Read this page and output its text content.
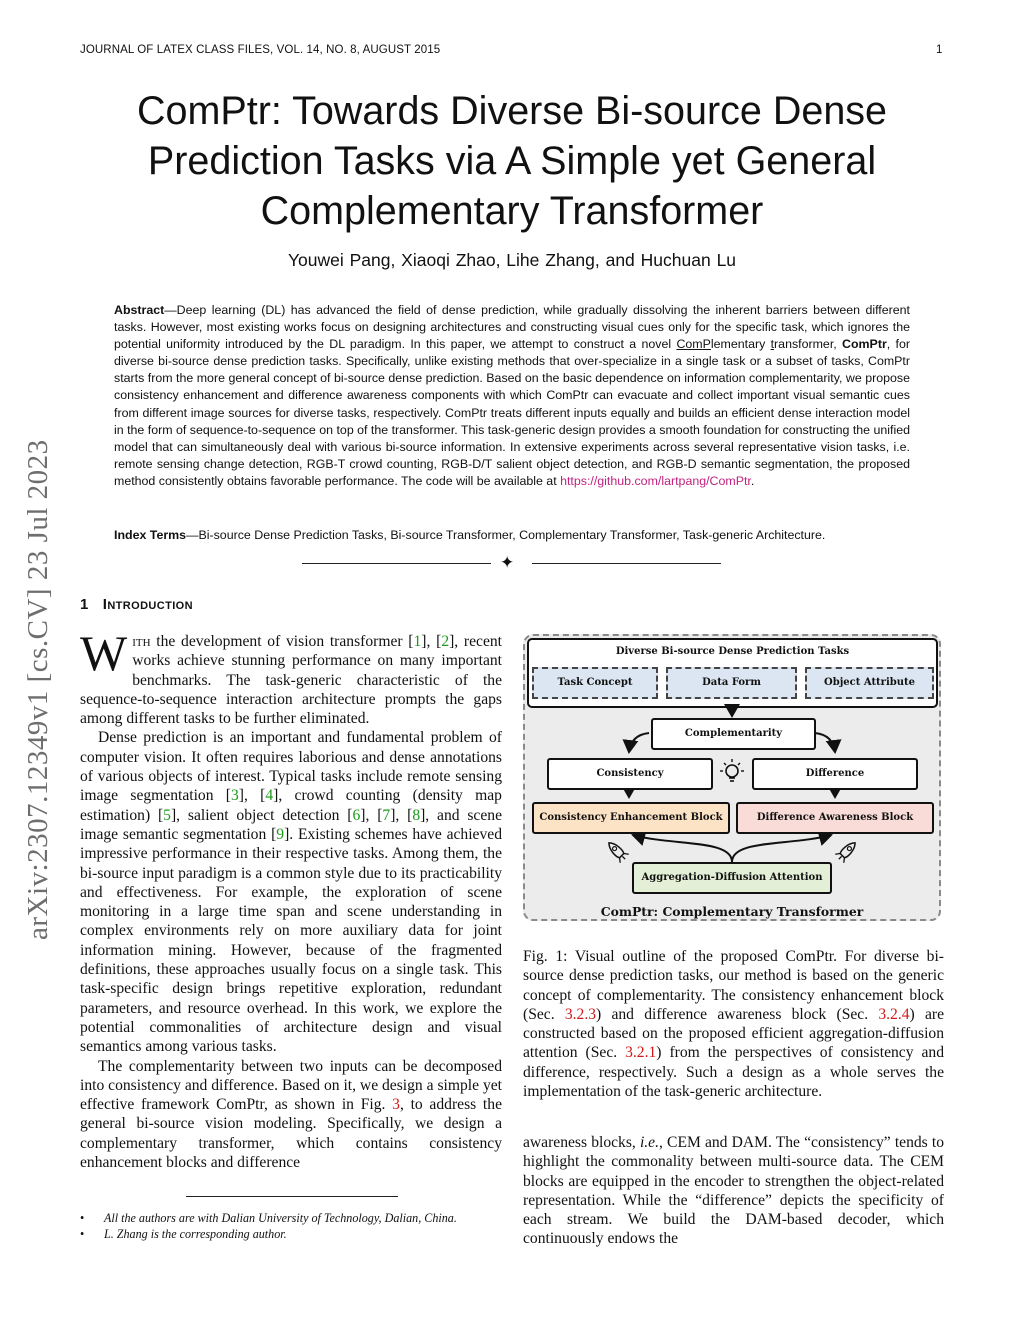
JOURNAL OF LATEX CLASS FILES, VOL. 14, NO. 8, AUGUST 2015	1
arXiv:2307.12349v1 [cs.CV] 23 Jul 2023
ComPtr: Towards Diverse Bi-source Dense Prediction Tasks via A Simple yet General Complementary Transformer
Youwei Pang, Xiaoqi Zhao, Lihe Zhang, and Huchuan Lu
Abstract—Deep learning (DL) has advanced the field of dense prediction, while gradually dissolving the inherent barriers between different tasks. However, most existing works focus on designing architectures and constructing visual cues only for the specific task, which ignores the potential uniformity introduced by the DL paradigm. In this paper, we attempt to construct a novel ComPlementary transformer, ComPtr, for diverse bi-source dense prediction tasks. Specifically, unlike existing methods that over-specialize in a single task or a subset of tasks, ComPtr starts from the more general concept of bi-source dense prediction. Based on the basic dependence on information complementarity, we propose consistency enhancement and difference awareness components with which ComPtr can evacuate and collect important visual semantic cues from different image sources for diverse tasks, respectively. ComPtr treats different inputs equally and builds an efficient dense interaction model in the form of sequence-to-sequence on top of the transformer. This task-generic design provides a smooth foundation for constructing the unified model that can simultaneously deal with various bi-source information. In extensive experiments across several representative vision tasks, i.e. remote sensing change detection, RGB-T crowd counting, RGB-D/T salient object detection, and RGB-D semantic segmentation, the proposed method consistently obtains favorable performance. The code will be available at https://github.com/lartpang/ComPtr.
Index Terms—Bi-source Dense Prediction Tasks, Bi-source Transformer, Complementary Transformer, Task-generic Architecture.
✦
1 Introduction

With the development of vision transformer [1], [2], recent works achieve stunning performance on many important benchmarks. The task-generic characteristic of the sequence-to-sequence interaction architecture prompts the gaps among different tasks to be further eliminated.

Dense prediction is an important and fundamental problem of computer vision. It often requires laborious and dense annotations of various objects of interest. Typical tasks include remote sensing image segmentation [3], [4], crowd counting (density map estimation) [5], salient object detection [6], [7], [8], and scene image semantic segmentation [9]. Existing schemes have achieved impressive performance in their respective tasks. Among them, the bi-source input paradigm is a common style due to its practicability and effectiveness. For example, the exploration of scene monitoring in a large time span and scene understanding in complex environments rely on more auxiliary data for joint information mining. However, because of the fragmented definitions, these approaches usually focus on a single task. This task-specific design brings repetitive exploration, redundant parameters, and resource overhead. In this work, we explore the potential commonalities of architecture design and visual semantics among various tasks.

The complementarity between two inputs can be decomposed into consistency and difference. Based on it, we design a simple yet effective framework ComPtr, as shown in Fig. 3, to address the general bi-source vision modeling. Specifically, we design a complementary transformer, which contains consistency enhancement blocks and difference

• All the authors are with Dalian University of Technology, Dalian, China.
• L. Zhang is the corresponding author.
Diverse Bi-source Dense Prediction Tasks
Task Concept	Data Form	Object Attribute
Complementarity
Consistency	Difference
Consistency Enhancement Block	Difference Awareness Block
Aggregation-Diffusion Attention
ComPtr: Complementary Transformer
Fig. 1: Visual outline of the proposed ComPtr. For diverse bi-source dense prediction tasks, our method is based on the generic concept of complementarity. The consistency enhancement block (Sec. 3.2.3) and difference awareness block (Sec. 3.2.4) are constructed based on the proposed efficient aggregation-diffusion attention (Sec. 3.2.1) from the perspectives of consistency and difference, respectively. Such a design as a whole serves the implementation of the task-generic architecture.
awareness blocks, i.e., CEM and DAM. The “consistency” tends to highlight the commonality between multi-source data. The CEM blocks are equipped in the encoder to strengthen the object-related representation. While the “difference” depicts the specificity of each stream. We build the DAM-based decoder, which continuously endows the
